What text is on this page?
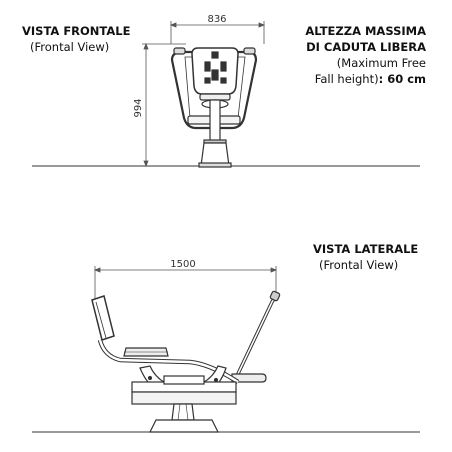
VISTA FRONTALE
(Frontal View)
ALTEZZA MASSIMA
DI CADUTA LIBERA
(Maximum Free
Fall height): 60 cm
VISTA LATERALE
(Frontal View)
836
994
1500
